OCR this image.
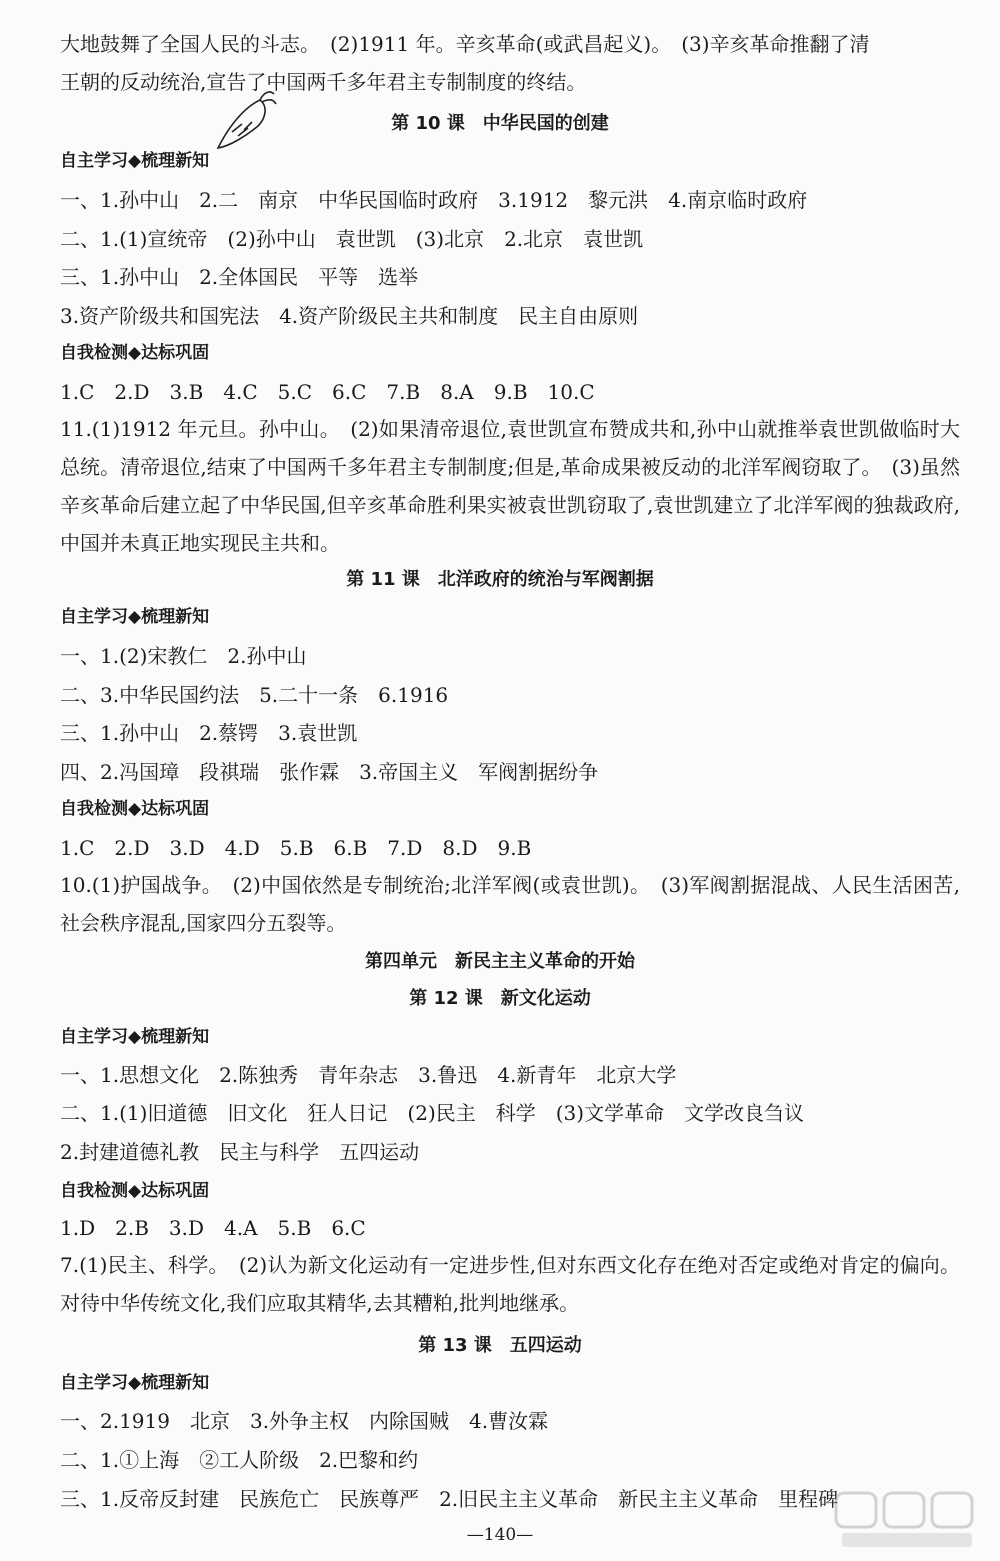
大地鼓舞了全国人民的斗志。　(2)1911 年。辛亥革命(或武昌起义)。　(3)辛亥革命推翻了清
王朝的反动统治,宣告了中国两千多年君主专制制度的终结。
第 10 课　中华民国的创建
自主学习◆梳理新知
一、1.孙中山　2.二　南京　中华民国临时政府　3.1912　黎元洪　4.南京临时政府
二、1.(1)宣统帝　(2)孙中山　袁世凯　(3)北京　2.北京　袁世凯
三、1.孙中山　2.全体国民　平等　选举
3.资产阶级共和国宪法　4.资产阶级民主共和制度　民主自由原则
自我检测◆达标巩固
1.C　2.D　3.B　4.C　5.C　6.C　7.B　8.A　9.B　10.C
11.(1)1912 年元旦。孙中山。　(2)如果清帝退位,袁世凯宣布赞成共和,孙中山就推举袁世凯做临时大总统。清帝退位,结束了中国两千多年君主专制制度;但是,革命成果被反动的北洋军阀窃取了。　(3)虽然辛亥革命后建立起了中华民国,但辛亥革命胜利果实被袁世凯窃取了,袁世凯建立了北洋军阀的独裁政府,中国并未真正地实现民主共和。
第 11 课　北洋政府的统治与军阀割据
自主学习◆梳理新知
一、1.(2)宋教仁　2.孙中山
二、3.中华民国约法　5.二十一条　6.1916
三、1.孙中山　2.蔡锷　3.袁世凯
四、2.冯国璋　段祺瑞　张作霖　3.帝国主义　军阀割据纷争
自我检测◆达标巩固
1.C　2.D　3.D　4.D　5.B　6.B　7.D　8.D　9.B
10.(1)护国战争。　(2)中国依然是专制统治;北洋军阀(或袁世凯)。　(3)军阀割据混战、人民生活困苦,社会秩序混乱,国家四分五裂等。
第四单元　新民主主义革命的开始
第 12 课　新文化运动
自主学习◆梳理新知
一、1.思想文化　2.陈独秀　青年杂志　3.鲁迅　4.新青年　北京大学
二、1.(1)旧道德　旧文化　狂人日记　(2)民主　科学　(3)文学革命　文学改良刍议
2.封建道德礼教　民主与科学　五四运动
自我检测◆达标巩固
1.D　2.B　3.D　4.A　5.B　6.C
7.(1)民主、科学。　(2)认为新文化运动有一定进步性,但对东西文化存在绝对否定或绝对肯定的偏向。对待中华传统文化,我们应取其精华,去其糟粕,批判地继承。
第 13 课　五四运动
自主学习◆梳理新知
一、2.1919　北京　3.外争主权　内除国贼　4.曹汝霖
二、1.①上海　②工人阶级　2.巴黎和约
三、1.反帝反封建　民族危亡　民族尊严　2.旧民主主义革命　新民主主义革命　里程碑
—140—
